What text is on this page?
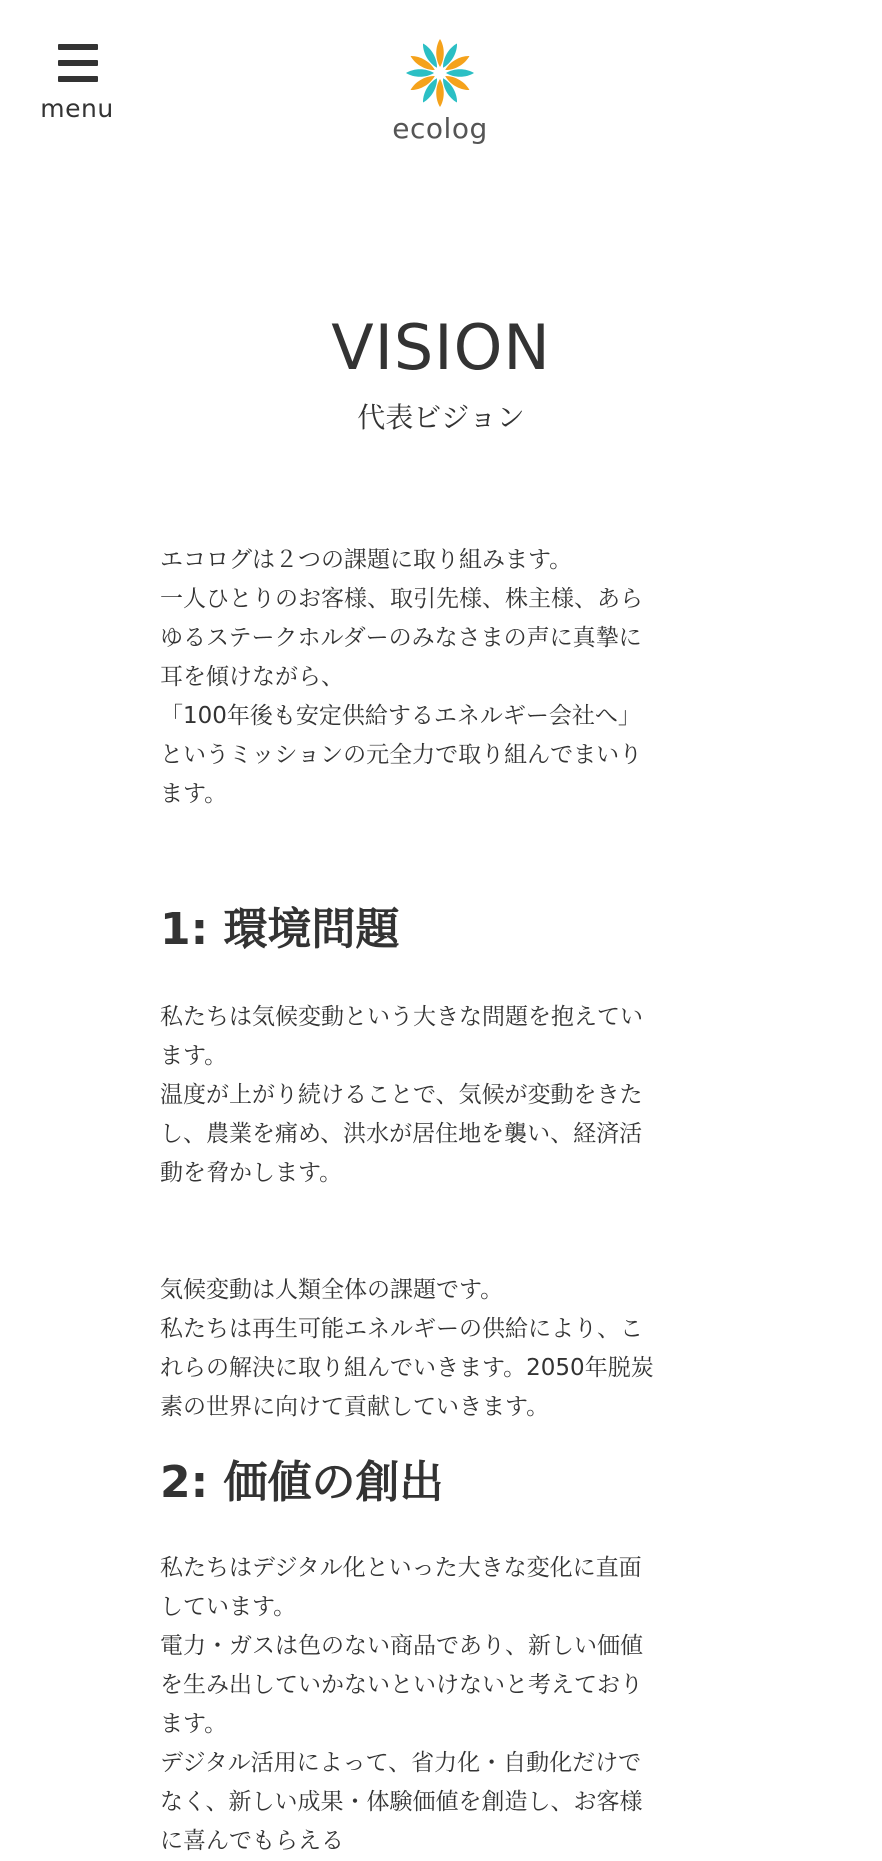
menu
ecolog
VISION
代表ビジョン
エコログは２つの課題に取り組みます。
一人ひとりのお客様、取引先様、株主様、あら
ゆるステークホルダーのみなさまの声に真摯に
耳を傾けながら、
「100年後も安定供給するエネルギー会社へ」
というミッションの元全力で取り組んでまいり
ます。
1: 環境問題
私たちは気候変動という大きな問題を抱えてい
ます。
温度が上がり続けることで、気候が変動をきた
し、農業を痛め、洪水が居住地を襲い、経済活
動を脅かします。
気候変動は人類全体の課題です。
私たちは再生可能エネルギーの供給により、こ
れらの解決に取り組んでいきます。2050年脱炭
素の世界に向けて貢献していきます。
2: 価値の創出
私たちはデジタル化といった大きな変化に直面
しています。
電力・ガスは色のない商品であり、新しい価値
を生み出していかないといけないと考えており
ます。
デジタル活用によって、省力化・自動化だけで
なく、新しい成果・体験価値を創造し、お客様
に喜んでもらえる
